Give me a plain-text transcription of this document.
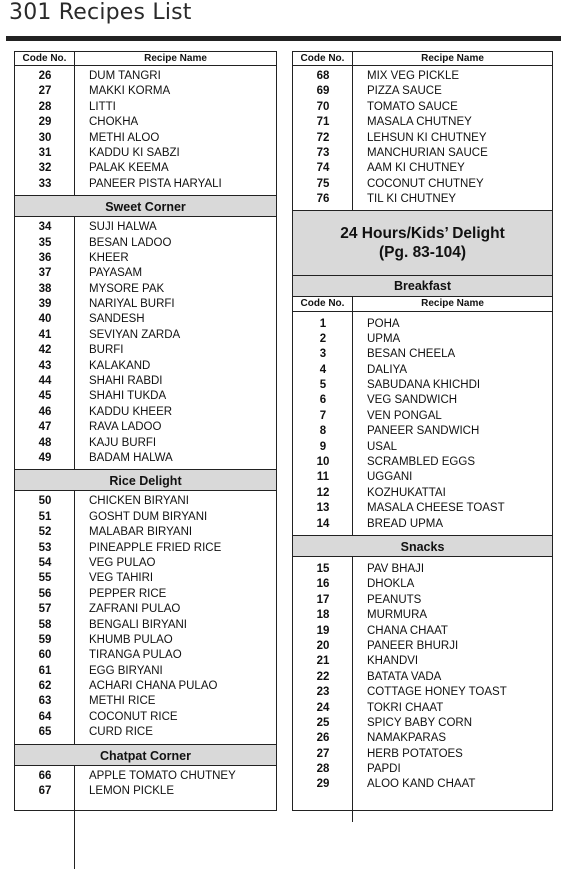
301 Recipes List
Code No.	Recipe Name
26	DUM TANGRI
27	MAKKI KORMA
28	LITTI
29	CHOKHA
30	METHI ALOO
31	KADDU KI SABZI
32	PALAK KEEMA
33	PANEER PISTA HARYALI
Sweet Corner
34	SUJI HALWA
35	BESAN LADOO
36	KHEER
37	PAYASAM
38	MYSORE PAK
39	NARIYAL BURFI
40	SANDESH
41	SEVIYAN ZARDA
42	BURFI
43	KALAKAND
44	SHAHI RABDI
45	SHAHI TUKDA
46	KADDU KHEER
47	RAVA LADOO
48	KAJU BURFI
49	BADAM HALWA
Rice Delight
50	CHICKEN BIRYANI
51	GOSHT DUM BIRYANI
52	MALABAR BIRYANI
53	PINEAPPLE FRIED RICE
54	VEG PULAO
55	VEG TAHIRI
56	PEPPER RICE
57	ZAFRANI PULAO
58	BENGALI BIRYANI
59	KHUMB PULAO
60	TIRANGA PULAO
61	EGG BIRYANI
62	ACHARI CHANA PULAO
63	METHI RICE
64	COCONUT RICE
65	CURD RICE
Chatpat Corner
66	APPLE TOMATO CHUTNEY
67	LEMON PICKLE
Code No.	Recipe Name
68	MIX VEG PICKLE
69	PIZZA SAUCE
70	TOMATO SAUCE
71	MASALA CHUTNEY
72	LEHSUN KI CHUTNEY
73	MANCHURIAN SAUCE
74	AAM KI CHUTNEY
75	COCONUT CHUTNEY
76	TIL KI CHUTNEY
24 Hours/Kids’ Delight
(Pg. 83-104)
Breakfast
Code No.	Recipe Name
1	POHA
2	UPMA
3	BESAN CHEELA
4	DALIYA
5	SABUDANA KHICHDI
6	VEG SANDWICH
7	VEN PONGAL
8	PANEER SANDWICH
9	USAL
10	SCRAMBLED EGGS
11	UGGANI
12	KOZHUKATTAI
13	MASALA CHEESE TOAST
14	BREAD UPMA
Snacks
15	PAV BHAJI
16	DHOKLA
17	PEANUTS
18	MURMURA
19	CHANA CHAAT
20	PANEER BHURJI
21	KHANDVI
22	BATATA VADA
23	COTTAGE HONEY TOAST
24	TOKRI CHAAT
25	SPICY BABY CORN
26	NAMAKPARAS
27	HERB POTATOES
28	PAPDI
29	ALOO KAND CHAAT
